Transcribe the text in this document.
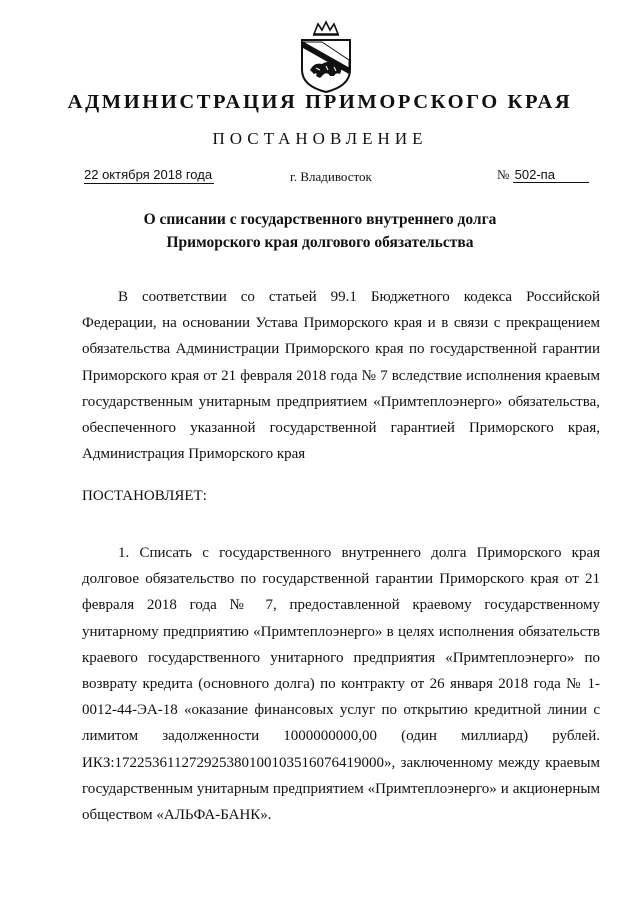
АДМИНИСТРАЦИЯ ПРИМОРСКОГО КРАЯ
ПОСТАНОВЛЕНИЕ
22 октября 2018 года	г. Владивосток	№ 502-па
О списании с государственного внутреннего долга
Приморского края долгового обязательства
В соответствии со статьей 99.1 Бюджетного кодекса Российской Федерации, на основании Устава Приморского края и в связи с прекращением обязательства Администрации Приморского края по государственной гарантии Приморского края от 21 февраля 2018 года № 7 вследствие исполнения краевым государственным унитарным предприятием «Примтеплоэнерго» обязательства, обеспеченного указанной государственной гарантией Приморского края, Администрация Приморского края
ПОСТАНОВЛЯЕТ:
1. Списать с государственного внутреннего долга Приморского края долговое обязательство по государственной гарантии Приморского края от 21 февраля 2018 года № 7, предоставленной краевому государственному унитарному предприятию «Примтеплоэнерго» в целях исполнения обязательств краевого государственного унитарного предприятия «Примтеплоэнерго» по возврату кредита (основного долга) по контракту от 26 января 2018 года № 1-0012-44-ЭА-18 «оказание финансовых услуг по открытию кредитной линии с лимитом задолженности 1000000000,00 (один миллиард) рублей. ИКЗ:172253611272925380100103516076419000», заключенному между краевым государственным унитарным предприятием «Примтеплоэнерго» и акционерным обществом «АЛЬФА-БАНК».
